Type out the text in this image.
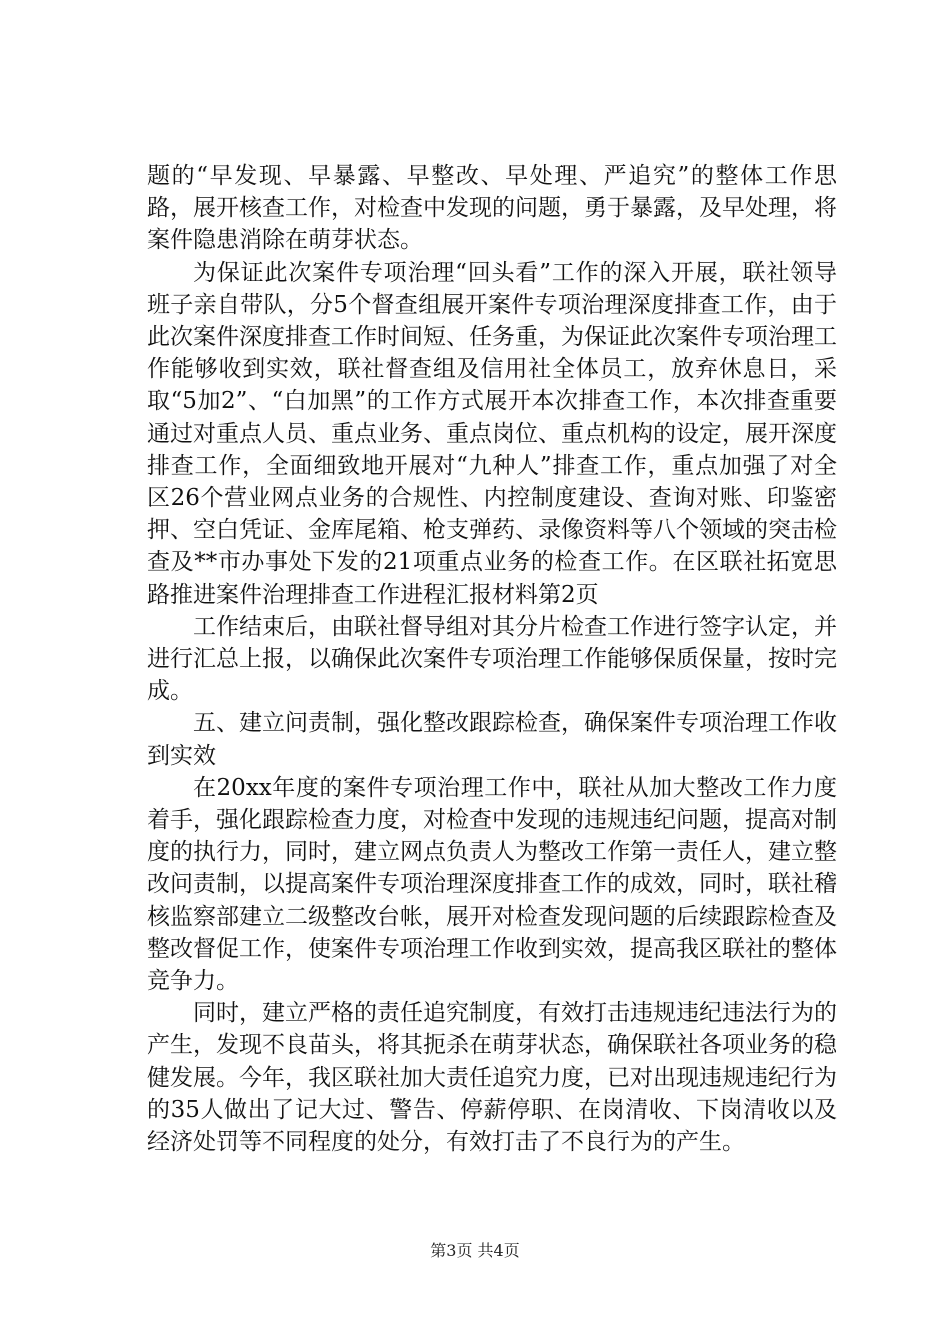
题的“早发现、早暴露、早整改、早处理、严追究”的整体工作思路，展开核查工作，对检查中发现的问题，勇于暴露，及早处理，将案件隐患消除在萌芽状态。

为保证此次案件专项治理“回头看”工作的深入开展，联社领导班子亲自带队，分5个督查组展开案件专项治理深度排查工作，由于此次案件深度排查工作时间短、任务重，为保证此次案件专项治理工作能够收到实效，联社督查组及信用社全体员工，放弃休息日，采取“5加2”、“白加黑”的工作方式展开本次排查工作，本次排查重要通过对重点人员、重点业务、重点岗位、重点机构的设定，展开深度排查工作，全面细致地开展对“九种人”排查工作，重点加强了对全区26个营业网点业务的合规性、内控制度建设、查询对账、印鉴密押、空白凭证、金库尾箱、枪支弹药、录像资料等八个领域的突击检查及**市办事处下发的21项重点业务的检查工作。在区联社拓宽思路推进案件治理排查工作进程汇报材料第2页

工作结束后，由联社督导组对其分片检查工作进行签字认定，并进行汇总上报，以确保此次案件专项治理工作能够保质保量，按时完成。

五、建立问责制，强化整改跟踪检查，确保案件专项治理工作收到实效

在20xx年度的案件专项治理工作中，联社从加大整改工作力度着手，强化跟踪检查力度，对检查中发现的违规违纪问题，提高对制度的执行力，同时，建立网点负责人为整改工作第一责任人，建立整改问责制，以提高案件专项治理深度排查工作的成效，同时，联社稽核监察部建立二级整改台帐，展开对检查发现问题的后续跟踪检查及整改督促工作，使案件专项治理工作收到实效，提高我区联社的整体竞争力。

同时，建立严格的责任追究制度，有效打击违规违纪违法行为的产生，发现不良苗头，将其扼杀在萌芽状态，确保联社各项业务的稳健发展。今年，我区联社加大责任追究力度，已对出现违规违纪行为的35人做出了记大过、警告、停薪停职、在岗清收、下岗清收以及经济处罚等不同程度的处分，有效打击了不良行为的产生。

第3页 共4页
